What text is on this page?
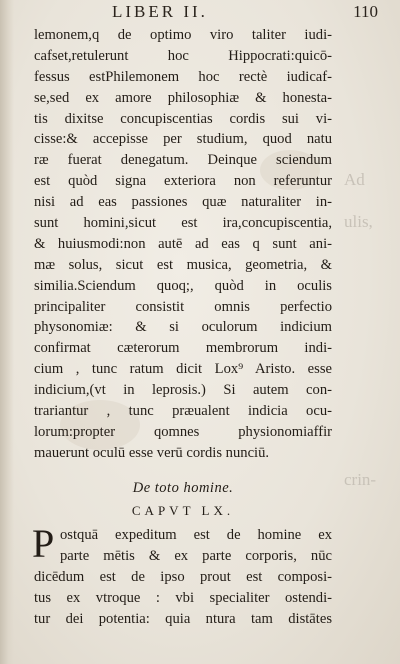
Ad
ulis,
crin-
LIBER II.	110
lemonem,q de optimo viro taliter iudi-
cafset,retulerunt hoc Hippocrati:quicō-
fessus estPhilemonem hoc rectè iudicaf-
se,sed ex amore philosophiæ & honesta-
tis dixitse concupiscentias cordis sui vi-
cisse:& accepisse per studium, quod natu
ræ fuerat denegatum. Deinque sciendum
est quòd signa exteriora non referuntur
nisi ad eas passiones quæ naturaliter in-
sunt homini,sicut est ira,concupiscentia,
& huiusmodi:non autē ad eas q sunt ani-
mæ solus, sicut est musica, geometria, &
similia.Sciendum quoq;, quòd in oculis
principaliter consistit omnis perfectio
physonomiæ: & si oculorum indicium
confirmat cæterorum membrorum indi-
cium , tunc ratum dicit Lox⁹ Aristo. esse
indicium,(vt in leprosis.) Si autem con-
trariantur , tunc præualent indicia ocu-
lorum:propter qomnes physionomiaffir
mauerunt oculū esse verū cordis nunciū.
De toto homine.
CAPVT LX.
P ostquā expeditum est de homine ex
parte mētis & ex parte corporis, nūc
dicēdum est de ipso prout est composi-
tus ex vtroque : vbi specialiter ostendi-
tur dei potentia: quia ntura tam distātes
